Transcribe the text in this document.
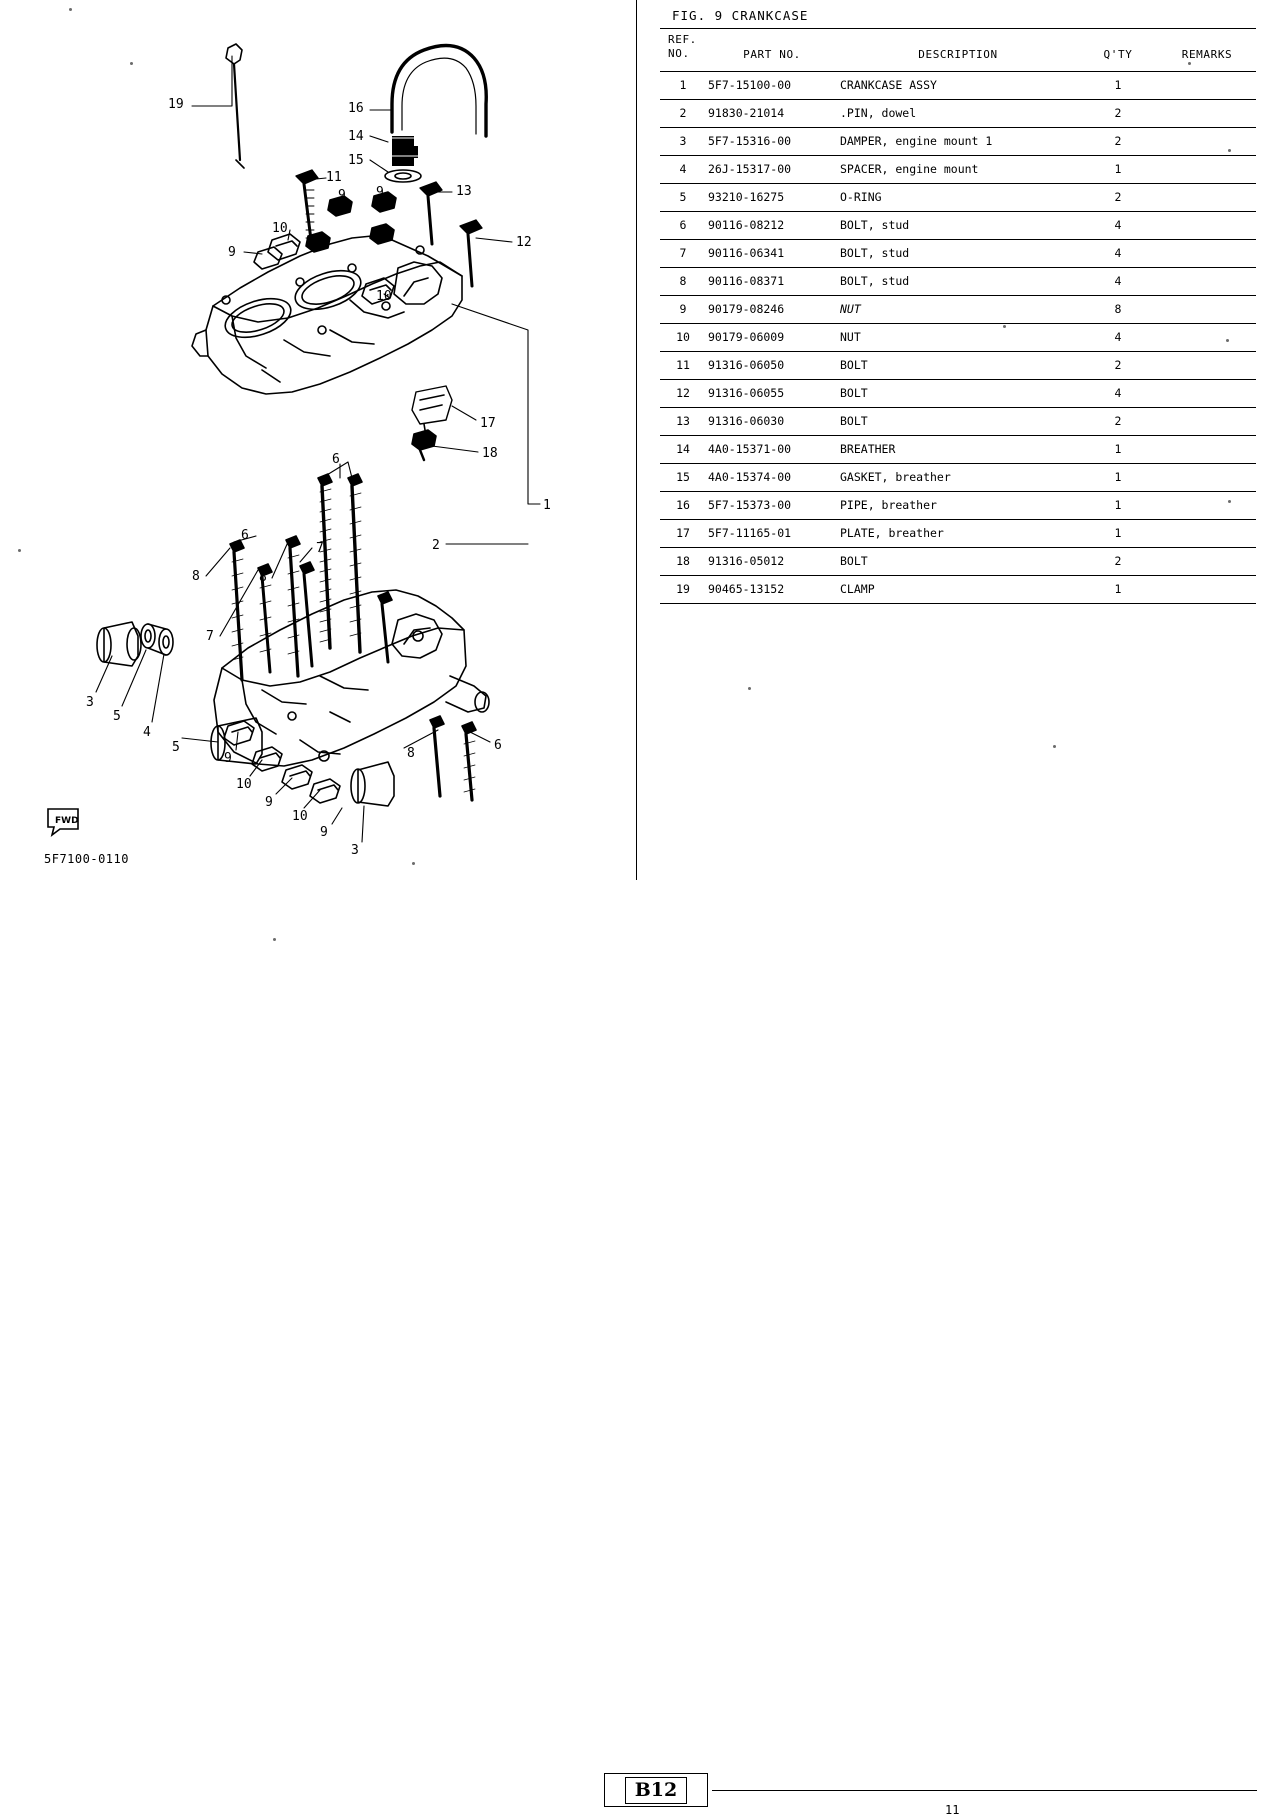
19	16
14
15
11
13
9 9
10
12
9
10
17
18
6
1
6
2
7
8	8
7
3
5
4
5
9	8
6
10
9
10
9
3
FWD
5F7100-0110
FIG. 9 CRANKCASE
REF.
NO.	PART NO.	DESCRIPTION	Q'TY	REMARKS
1	5F7-15100-00	CRANKCASE ASSY	1	
2	91830-21014	.PIN, dowel	2	
3	5F7-15316-00	DAMPER, engine mount 1	2	
4	26J-15317-00	SPACER, engine mount	1	
5	93210-16275	O-RING	2	
6	90116-08212	BOLT, stud	4	
7	90116-06341	BOLT, stud	4	
8	90116-08371	BOLT, stud	4	
9	90179-08246	NUT	8	
10	90179-06009	NUT	4	
11	91316-06050	BOLT	2	
12	91316-06055	BOLT	4	
13	91316-06030	BOLT	2	
14	4A0-15371-00	BREATHER	1	
15	4A0-15374-00	GASKET, breather	1	
16	5F7-15373-00	PIPE, breather	1	
17	5F7-11165-01	PLATE, breather	1	
18	91316-05012	BOLT	2	
19	90465-13152	CLAMP	1	
B12
11
